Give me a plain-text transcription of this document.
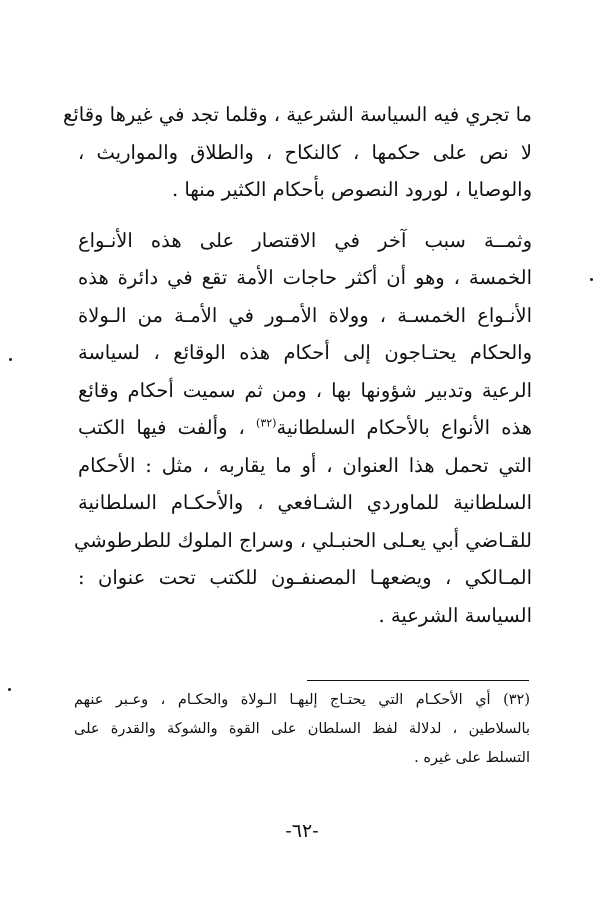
ما تجري فيه السياسة الشرعية ، وقلما تجد في غيرها وقائع
لا نص على حكمها ، كالنكاح ، والطلاق والمواريث ،
والوصايا ، لورود النصوص بأحكام الكثير منها .
وثمــة سبب آخر في الاقتصار على هذه الأنـواع
الخمسة ، وهو أن أكثر حاجات الأمة تقع في دائرة هذه
الأنـواع الخمسـة ، وولاة الأمـور في الأمـة من الـولاة
والحكام يحتـاجون إلى أحكام هذه الوقائع ، لسياسة
الرعية وتدبير شؤونها بها ، ومن ثم سميت أحكام وقائع
هذه الأنواع بالأحكام السلطانية$^{(٣٢)}$ ، وألفت فيها الكتب
التي تحمل هذا العنوان ، أو ما يقاربه ، مثل : الأحكام
السلطانية للماوردي الشـافعي ، والأحكـام السلطانية
للقـاضي أبي يعـلى الحنبـلي ، وسراج الملوك للطرطوشي
المـالكي ، ويضعهـا المصنفـون للكتب تحت عنوان :
السياسة الشرعية .
(٣٢) أي الأحكـام التي يحتـاج إليهـا الـولاة والحكـام ، وعـبر عنهم
بالسلاطين ، لدلالة لفظ السلطان على القوة والشوكة والقدرة على
التسلط على غيره .
-٦٢-
